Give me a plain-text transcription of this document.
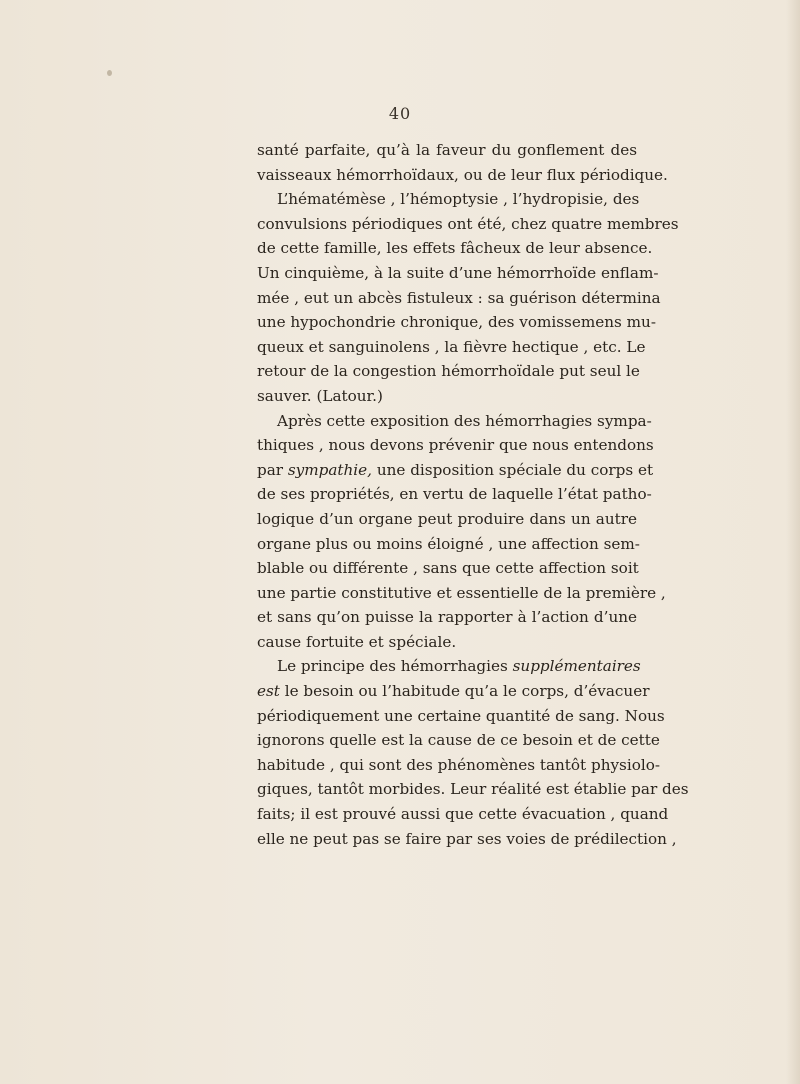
40
santé parfaite, qu’à la faveur du gonflement des
vaisseaux hémorrhoïdaux, ou de leur flux périodique.
L’hématémèse , l’hémoptysie , l’hydropisie, des
convulsions périodiques ont été, chez quatre membres
de cette famille, les effets fâcheux de leur absence.
Un cinquième, à la suite d’une hémorrhoïde enflam-
mée , eut un abcès fistuleux : sa guérison détermina
une hypochondrie chronique, des vomissemens mu-
queux et sanguinolens , la fièvre hectique , etc. Le
retour de la congestion hémorrhoïdale put seul le
sauver. (Latour.)
Après cette exposition des hémorrhagies sympa-
thiques , nous devons prévenir que nous entendons
par sympathie, une disposition spéciale du corps et
de ses propriétés, en vertu de laquelle l’état patho-
logique d’un organe peut produire dans un autre
organe plus ou moins éloigné , une affection sem-
blable ou différente , sans que cette affection soit
une partie constitutive et essentielle de la première ,
et sans qu’on puisse la rapporter à l’action d’une
cause fortuite et spéciale.
Le principe des hémorrhagies supplémentaires
est le besoin ou l’habitude qu’a le corps, d’évacuer
périodiquement une certaine quantité de sang. Nous
ignorons quelle est la cause de ce besoin et de cette
habitude , qui sont des phénomènes tantôt physiolo-
giques, tantôt morbides. Leur réalité est établie par des
faits; il est prouvé aussi que cette évacuation , quand
elle ne peut pas se faire par ses voies de prédilection ,
